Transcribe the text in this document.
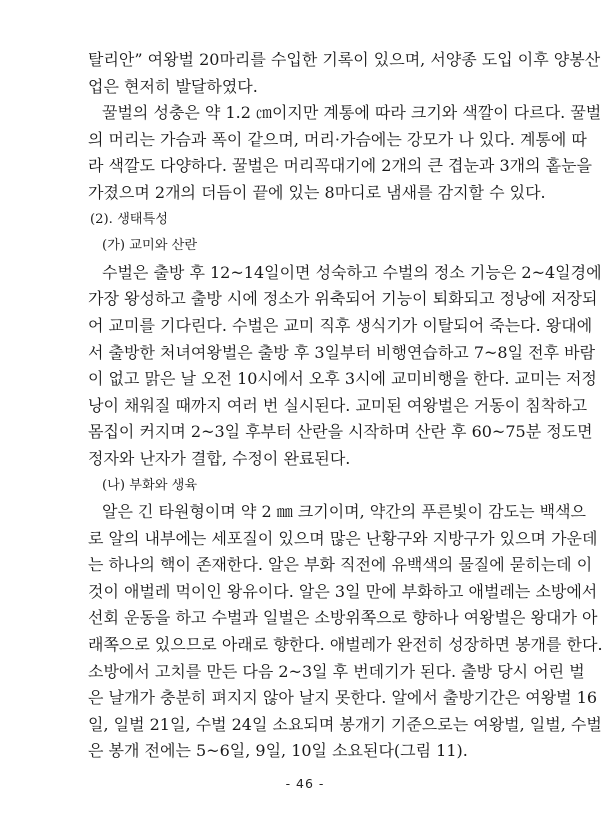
탈리안” 여왕벌 20마리를 수입한 기록이 있으며, 서양종 도입 이후 양봉산
업은 현저히 발달하였다.
꿀벌의 성충은 약 1.2 ㎝이지만 계통에 따라 크기와 색깔이 다르다. 꿀벌
의 머리는 가슴과 폭이 같으며, 머리·가슴에는 강모가 나 있다. 계통에 따
라 색깔도 다양하다. 꿀벌은 머리꼭대기에 2개의 큰 겹눈과 3개의 홑눈을
가졌으며 2개의 더듬이 끝에 있는 8마디로 냄새를 감지할 수 있다.
(2). 생태특성
(가) 교미와 산란
수벌은 출방 후 12~14일이면 성숙하고 수벌의 정소 기능은 2~4일경에
가장 왕성하고 출방 시에 정소가 위축되어 기능이 퇴화되고 정낭에 저장되
어 교미를 기다린다. 수벌은 교미 직후 생식기가 이탈되어 죽는다. 왕대에
서 출방한 처녀여왕벌은 출방 후 3일부터 비행연습하고 7~8일 전후 바람
이 없고 맑은 날 오전 10시에서 오후 3시에 교미비행을 한다. 교미는 저정
낭이 채워질 때까지 여러 번 실시된다. 교미된 여왕벌은 거동이 침착하고
몸집이 커지며 2~3일 후부터 산란을 시작하며 산란 후 60~75분 정도면
정자와 난자가 결합, 수정이 완료된다.
(나) 부화와 생육
알은 긴 타원형이며 약 2 ㎜ 크기이며, 약간의 푸른빛이 감도는 백색으
로 알의 내부에는 세포질이 있으며 많은 난황구와 지방구가 있으며 가운데
는 하나의 핵이 존재한다. 알은 부화 직전에 유백색의 물질에 묻히는데 이
것이 애벌레 먹이인 왕유이다. 알은 3일 만에 부화하고 애벌레는 소방에서
선회 운동을 하고 수벌과 일벌은 소방위쪽으로 향하나 여왕벌은 왕대가 아
래쪽으로 있으므로 아래로 향한다. 애벌레가 완전히 성장하면 봉개를 한다.
소방에서 고치를 만든 다음 2~3일 후 번데기가 된다. 출방 당시 어린 벌
은 날개가 충분히 펴지지 않아 날지 못한다. 알에서 출방기간은 여왕벌 16
일, 일벌 21일, 수벌 24일 소요되며 봉개기 기준으로는 여왕벌, 일벌, 수벌
은 봉개 전에는 5~6일, 9일, 10일 소요된다(그림 11).
- 46 -
